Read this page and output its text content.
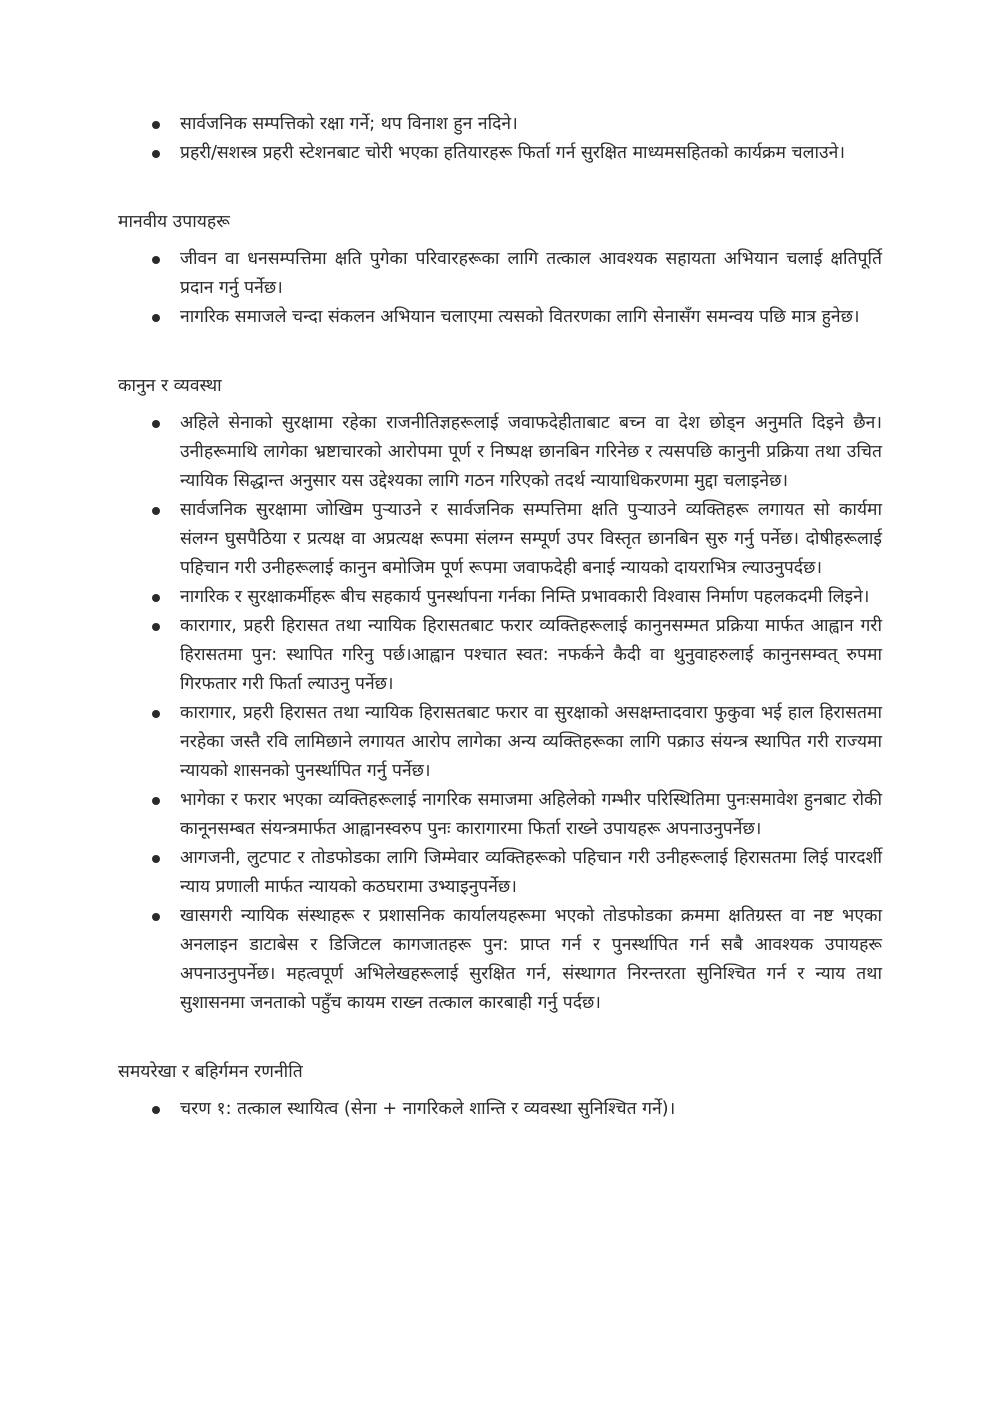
सार्वजनिक सम्पत्तिको रक्षा गर्ने; थप विनाश हुन नदिने।
प्रहरी/सशस्त्र प्रहरी स्टेशनबाट चोरी भएका हतियारहरू फिर्ता गर्न सुरक्षित माध्यमसहितको कार्यक्रम चलाउने।
मानवीय उपायहरू
जीवन वा धनसम्पत्तिमा क्षति पुगेका परिवारहरूका लागि तत्काल आवश्यक सहायता अभियान चलाई क्षतिपूर्ति प्रदान गर्नु पर्नेछ।
नागरिक समाजले चन्दा संकलन अभियान चलाएमा त्यसको वितरणका लागि सेनासँग समन्वय पछि मात्र हुनेछ।
कानुन र व्यवस्था
अहिले सेनाको सुरक्षामा रहेका राजनीतिज्ञहरूलाई जवाफदेहीताबाट बच्न वा देश छोड्न अनुमति दिइने छैन। उनीहरूमाथि लागेका भ्रष्टाचारको आरोपमा पूर्ण र निष्पक्ष छानबिन गरिनेछ र त्यसपछि कानुनी प्रक्रिया तथा उचित न्यायिक सिद्धान्त अनुसार यस उद्देश्यका लागि गठन गरिएको तदर्थ न्यायाधिकरणमा मुद्दा चलाइनेछ।
सार्वजनिक सुरक्षामा जोखिम पुर्‍याउने र सार्वजनिक सम्पत्तिमा क्षति पुर्‍याउने व्यक्तिहरू लगायत सो कार्यमा संलग्न घुसपैठिया र प्रत्यक्ष वा अप्रत्यक्ष रूपमा संलग्न सम्पूर्ण उपर विस्तृत छानबिन सुरु गर्नु पर्नेछ। दोषीहरूलाई पहिचान गरी उनीहरूलाई कानुन बमोजिम पूर्ण रूपमा जवाफदेही बनाई न्यायको दायराभित्र ल्याउनुपर्दछ।
नागरिक र सुरक्षाकर्मीहरू बीच सहकार्य पुनर्स्थापना गर्नका निम्ति प्रभावकारी विश्वास निर्माण पहलकदमी लिइने।
कारागार, प्रहरी हिरासत तथा न्यायिक हिरासतबाट फरार व्यक्तिहरूलाई कानुनसम्मत प्रक्रिया मार्फत आह्वान गरी हिरासतमा पुन: स्थापित गरिनु पर्छ।आह्वान पश्चात स्वत: नफर्कने कैदी वा थुनुवाहरुलाई कानुनसम्वत् रुपमा गिरफतार गरी फिर्ता ल्याउनु पर्नेछ।
कारागार, प्रहरी हिरासत तथा न्यायिक हिरासतबाट फरार वा सुरक्षाको असक्षम्तादवारा फुकुवा भई हाल हिरासतमा नरहेका जस्तै रवि लामिछाने लगायत आरोप लागेका अन्य व्यक्तिहरूका लागि पक्राउ संयन्त्र स्थापित गरी राज्यमा न्यायको शासनको पुनर्स्थापित गर्नु पर्नेछ।
भागेका र फरार भएका व्यक्तिहरूलाई नागरिक समाजमा अहिलेको गम्भीर परिस्थितिमा पुनःसमावेश हुनबाट रोकी कानूनसम्बत संयन्त्रमार्फत आह्वानस्वरुप पुनः कारागारमा फिर्ता राख्ने उपायहरू अपनाउनुपर्नेछ।
आगजनी, लुटपाट र तोडफोडका लागि जिम्मेवार व्यक्तिहरूको पहिचान गरी उनीहरूलाई हिरासतमा लिई पारदर्शी न्याय प्रणाली मार्फत न्यायको कठघरामा उभ्याइनुपर्नेछ।
खासगरी न्यायिक संस्थाहरू र प्रशासनिक कार्यालयहरूमा भएको तोडफोडका क्रममा क्षतिग्रस्त वा नष्ट भएका अनलाइन डाटाबेस र डिजिटल कागजातहरू पुन: प्राप्त गर्न र पुनर्स्थापित गर्न सबै आवश्यक उपायहरू अपनाउनुपर्नेछ। महत्वपूर्ण अभिलेखहरूलाई सुरक्षित गर्न, संस्थागत निरन्तरता सुनिश्चित गर्न र न्याय तथा सुशासनमा जनताको पहुँच कायम राख्न तत्काल कारबाही गर्नु पर्दछ।
समयरेखा र बहिर्गमन रणनीति
चरण १: तत्काल स्थायित्व (सेना + नागरिकले शान्ति र व्यवस्था सुनिश्चित गर्ने)।
